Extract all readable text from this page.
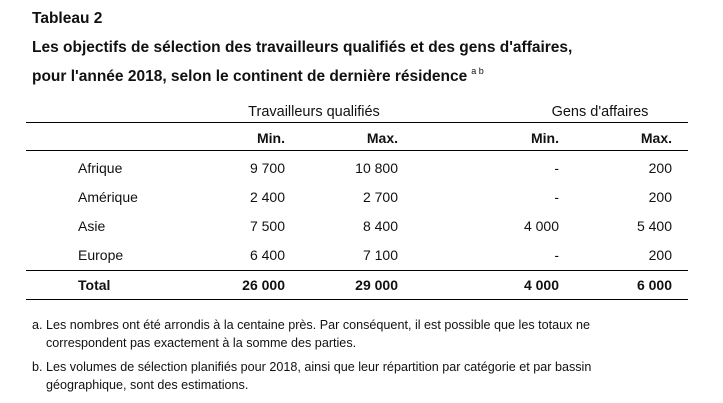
Tableau 2
Les objectifs de sélection des travailleurs qualifiés et des gens d'affaires,
pour l'année 2018, selon le continent de dernière résidence $^{a b}$
Travailleurs qualifiés	Gens d'affaires
Min.	Max.	Min.	Max.
Afrique	9 700	10 800	-	200
Amérique	2 400	2 700	-	200
Asie	7 500	8 400	4 000	5 400
Europe	6 400	7 100	-	200
Total	26 000	29 000	4 000	6 000
a. Les nombres ont été arrondis à la centaine près. Par conséquent, il est possible que les totaux ne
correspondent pas exactement à la somme des parties.
b. Les volumes de sélection planifiés pour 2018, ainsi que leur répartition par catégorie et par bassin
géographique, sont des estimations.
